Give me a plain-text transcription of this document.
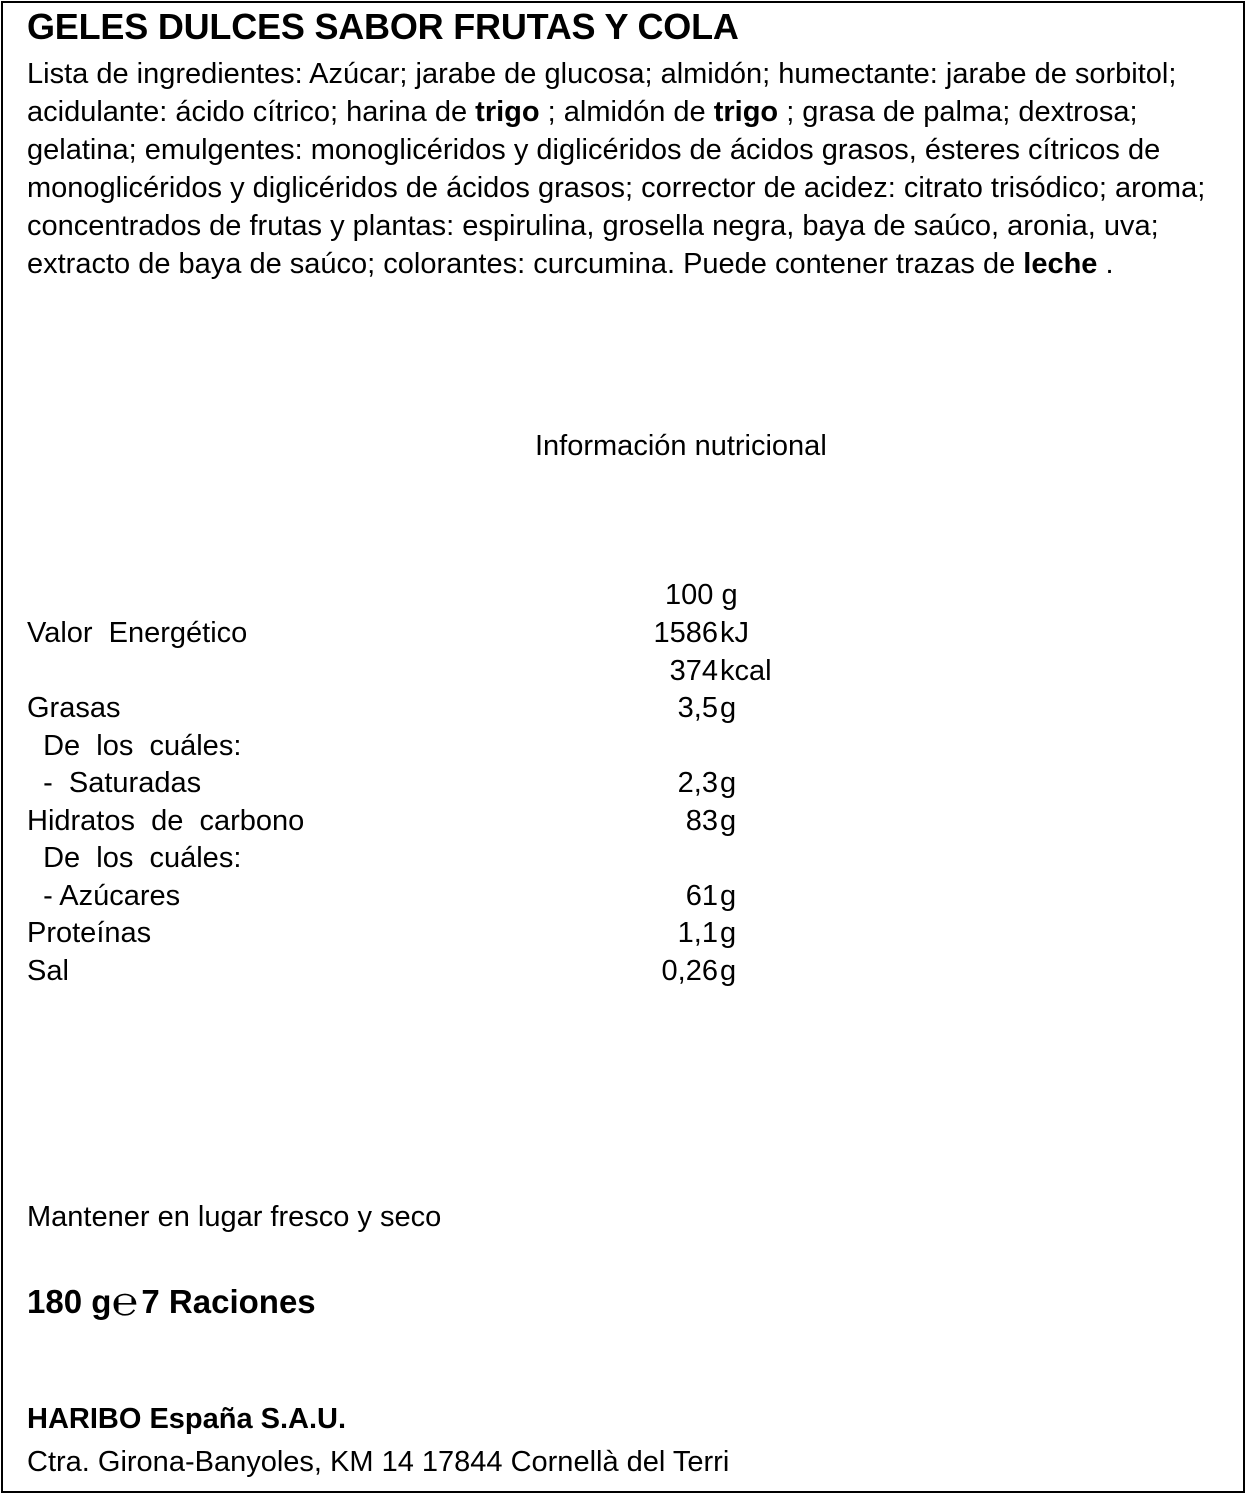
GELES DULCES SABOR FRUTAS Y COLA
Lista de ingredientes: Azúcar; jarabe de glucosa; almidón; humectante: jarabe de sorbitol; acidulante: ácido cítrico; harina de trigo ; almidón de trigo ; grasa de palma; dextrosa; gelatina; emulgentes: monoglicéridos y diglicéridos de ácidos grasos, ésteres cítricos de monoglicéridos y diglicéridos de ácidos grasos; corrector de acidez: citrato trisódico; aroma; concentrados de frutas y plantas: espirulina, grosella negra, baya de saúco, aronia, uva; extracto de baya de saúco; colorantes: curcumina. Puede contener trazas de leche .
Información nutricional
100 g
Valor  Energético	1586 kJ
374 kcal
Grasas	3,5 g
De  los  cuáles:
-  Saturadas	2,3 g
Hidratos  de  carbono	83 g
De  los  cuáles:
- Azúcares	61 g
Proteínas	1,1 g
Sal	0,26 g
Mantener en lugar fresco y seco
180 g℮7 Raciones
HARIBO España S.A.U.
Ctra. Girona-Banyoles, KM 14 17844 Cornellà del Terri
